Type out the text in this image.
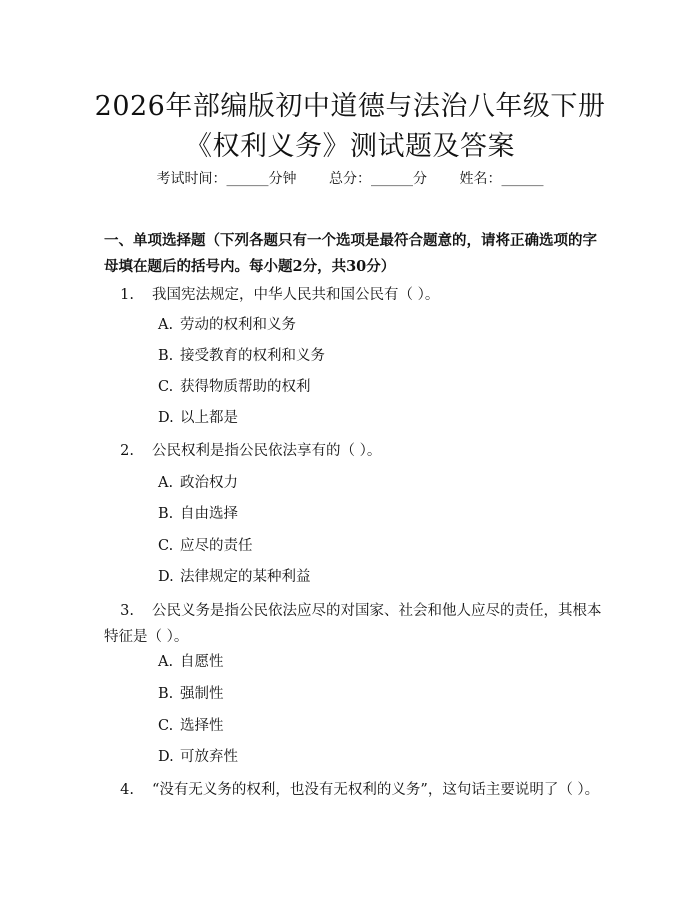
2026年部编版初中道德与法治八年级下册
《权利义务》测试题及答案
考试时间：______分钟 总分：______分 姓名：______
一、单项选择题（下列各题只有一个选项是最符合题意的，请将正确选项的字母填在题后的括号内。每小题2分，共30分）
1. 我国宪法规定，中华人民共和国公民有（ ）。
A. 劳动的权利和义务
B. 接受教育的权利和义务
C. 获得物质帮助的权利
D. 以上都是
2. 公民权利是指公民依法享有的（ ）。
A. 政治权力
B. 自由选择
C. 应尽的责任
D. 法律规定的某种利益
3. 公民义务是指公民依法应尽的对国家、社会和他人应尽的责任，其根本特征是（ ）。
A. 自愿性
B. 强制性
C. 选择性
D. 可放弃性
4. “没有无义务的权利，也没有无权利的义务”，这句话主要说明了（ ）。
